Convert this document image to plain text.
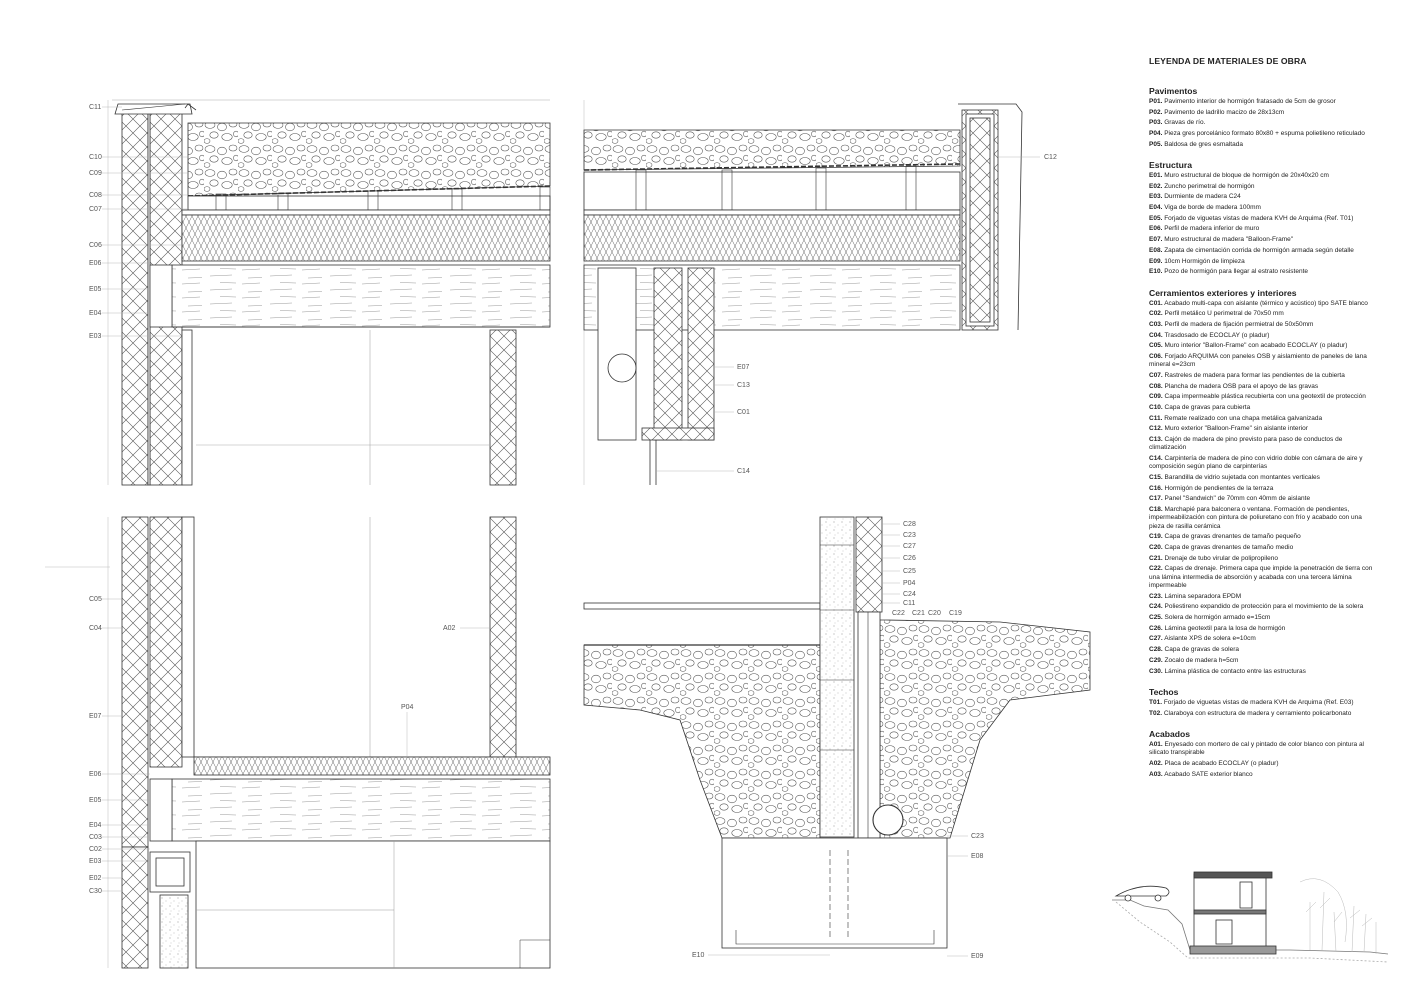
C11
C10
C09
C08
C07
C06
E06
E05
E04
E03
C12
E07
C13
C01
C14
C05
C04	A02
P04
E07
E06
E05
E04
C03
C02
E03
E02
C30
C28
C23
C27
C26
C25
P04
C24
C11
C22 C21 C20 C19
C23
E08
E10	E09
LEYENDA DE MATERIALES DE OBRA
Pavimentos
P01. Pavimento interior de hormigón fratasado de 5cm de grosor
P02. Pavimento de ladrillo macizo de 28x13cm
P03. Gravas de río.
P04. Pieza gres porcelánico formato 80x80 + espuma polietileno reticulado
P05. Baldosa de gres esmaltada
Estructura
E01. Muro estructural de bloque de hormigón de 20x40x20 cm
E02. Zuncho perimetral de hormigón
E03. Durmiente de madera C24
E04. Viga de borde de madera 100mm
E05. Forjado de viguetas vistas de madera KVH de Arquima (Ref. T01)
E06. Perfil de madera inferior de muro
E07. Muro estructural de madera "Balloon-Frame"
E08. Zapata de cimentación corrida de hormigón armada según detalle
E09. 10cm Hormigón de limpieza
E10. Pozo de hormigón para llegar al estrato resistente
Cerramientos exteriores y interiores
C01. Acabado multi-capa con aislante (térmico y acústico) tipo SATE blanco
C02. Perfil metálico U perimetral de 70x50 mm
C03. Perfil de madera de fijación permietral de 50x50mm
C04. Trasdosado de ECOCLAY (o pladur)
C05. Muro interior "Ballon-Frame" con acabado ECOCLAY (o pladur)
C06. Forjado ARQUIMA con paneles OSB y aislamiento de paneles de lana mineral e=23cm
C07. Rastreles de madera para formar las pendientes de la cubierta
C08. Plancha de madera OSB para el apoyo de las gravas
C09. Capa impermeable plástica recubierta con una geotextil de protección
C10. Capa de gravas para cubierta
C11. Remate realizado con una chapa metálica galvanizada
C12. Muro exterior "Balloon-Frame" sin aislante interior
C13. Cajón de madera de pino previsto para paso de conductos de climatización
C14. Carpintería de madera de pino con vidrio doble con cámara de aire y composición según plano de carpinterías
C15. Barandilla de vidrio sujetada con montantes verticales
C16. Hormigón de pendientes de la terraza
C17. Panel "Sandwich" de 70mm con 40mm de aislante
C18. Marchapié para balconera o ventana. Formación de pendientes, impermeabilización con pintura de poliuretano con frío y acabado con una pieza de rasilla cerámica
C19. Capa de gravas drenantes de tamaño pequeño
C20. Capa de gravas drenantes de tamaño medio
C21. Drenaje de tubo virular de polipropileno
C22. Capas de drenaje. Primera capa que impide la penetración de tierra con una lámina intermedia de absorción y acabada con una tercera lámina impermeable
C23. Lámina separadora EPDM
C24. Poliestireno expandido de protección para el movimiento de la solera
C25. Solera de hormigón armado e=15cm
C26. Lámina geotextil para la losa de hormigón
C27. Aislante XPS de solera e=10cm
C28. Capa de gravas de solera
C29. Zocalo de madera h=5cm
C30. Lámina plástica de contacto entre las estructuras
Techos
T01. Forjado de viguetas vistas de madera KVH de Arquima (Ref. E03)
T02. Claraboya con estructura de madera y cerramiento policarbonato
Acabados
A01. Enyesado con mortero de cal y pintado de color blanco con pintura al silicato transpirable
A02. Placa de acabado ECOCLAY (o pladur)
A03. Acabado SATE exterior blanco
